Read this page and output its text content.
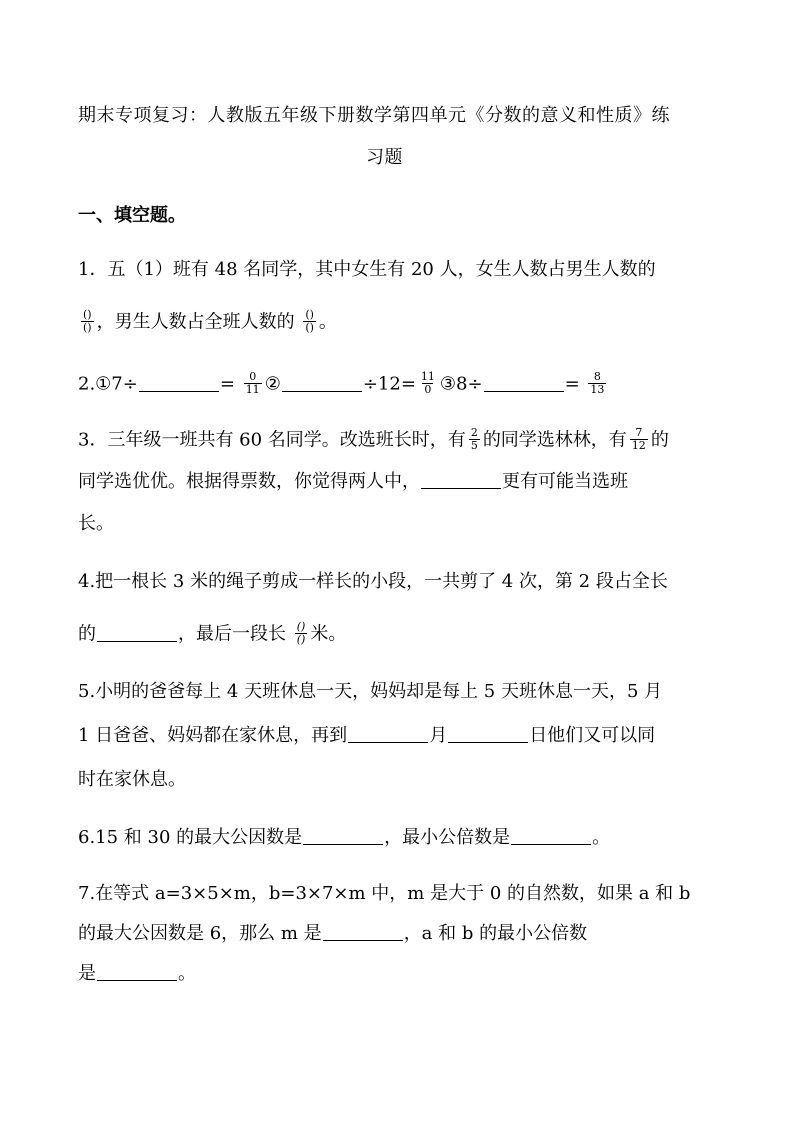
期末专项复习：人教版五年级下册数学第四单元《分数的意义和性质》练
习题
一、填空题。
1．五（1）班有 48 名同学，其中女生有 20 人，女生人数占男生人数的
$\frac{()}{()}$ ，男生人数占全班人数的 $\frac{()}{()}$ 。
2.①7÷	= $\frac{0}{11}$ ②	$\div 12= \frac{11}{0}$ ③8÷	= $\frac{8}{13}$
3．三年级一班共有 60 名同学。改选班长时，有 $\frac{2}{5}$ 的同学选林林，有 $\frac{7}{12}$ 的
同学选优优。根据得票数，你觉得两人中，	更有可能当选班
长。
4.把一根长 3 米的绳子剪成一样长的小段，一共剪了 4 次，第 2 段占全长
的	，最后一段长 $\frac{()}{()}$ 米。
5.小明的爸爸每上 4 天班休息一天，妈妈却是每上 5 天班休息一天，5 月
1 日爸爸、妈妈都在家休息，再到	月	日他们又可以同
时在家休息。
6.15 和 30 的最大公因数是	，最小公倍数是	。
7.在等式 a=3×5×m，b=3×7×m 中，m 是大于 0 的自然数，如果 a 和 b
的最大公因数是 6，那么 m 是	，a 和 b 的最小公倍数
是	。
